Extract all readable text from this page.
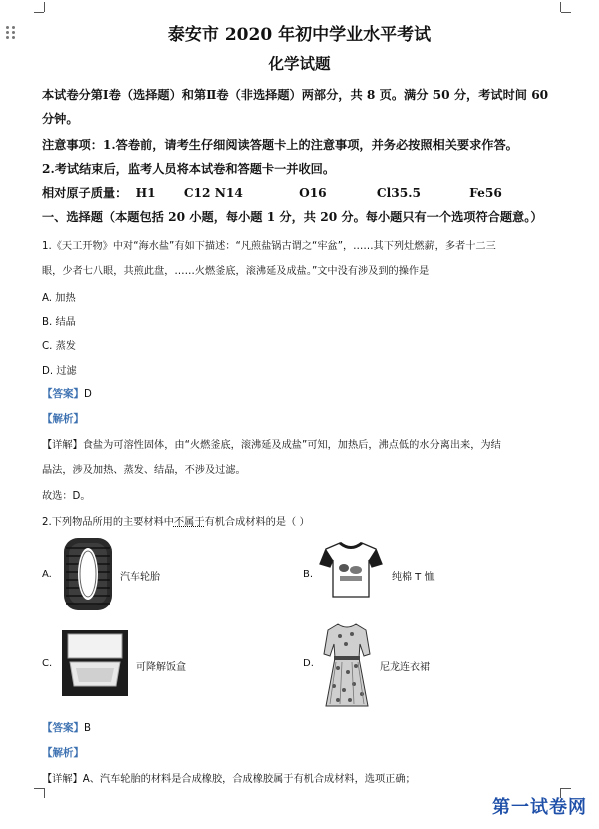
泰安市 2020 年初中学业水平考试
化学试题
本试卷分第Ⅰ卷（选择题）和第Ⅱ卷（非选择题）两部分，共 8 页。满分 50 分，考试时间 60
分钟。
注意事项：1.答卷前，请考生仔细阅读答题卡上的注意事项，并务必按照相关要求作答。
2.考试结束后，监考人员将本试卷和答题卡一并收回。
相对原子质量： H1 C12 N14	O16	Cl35.5	Fe56
一、选择题（本题包括 20 小题，每小题 1 分，共 20 分。每小题只有一个选项符合题意。）
1.《天工开物》中对“海水盐”有如下描述：“凡煎盐锅古谓之“牢盆”，……其下列灶燃薪，多者十二三
眼，少者七八眼，共煎此盘，……火燃釜底，滚沸延及成盐。”文中没有涉及到的操作是
A. 加热
B. 结晶
C. 蒸发
D. 过滤
【答案】D
【解析】
【详解】食盐为可溶性固体，由“火燃釜底，滚沸延及成盐”可知，加热后，沸点低的水分离出来，为结
晶法，涉及加热、蒸发、结晶，不涉及过滤。
故选：D。
2.下列物品所用的主要材料中不属于有机合成材料的是（ ）
A.	汽车轮胎	B.	纯棉 T 恤
C.	可降解饭盒	D.	尼龙连衣裙
【答案】B
【解析】
【详解】A、汽车轮胎的材料是合成橡胶，合成橡胶属于有机合成材料，选项正确；
第一试卷网
